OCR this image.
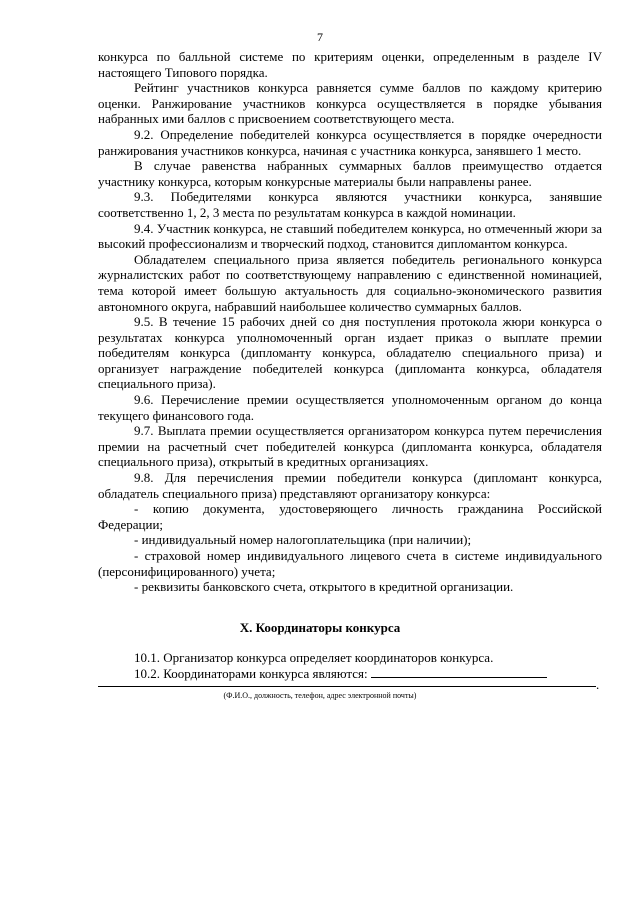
7

конкурса по балльной системе по критериям оценки, определенным в разделе IV настоящего Типового порядка.

Рейтинг участников конкурса равняется сумме баллов по каждому критерию оценки. Ранжирование участников конкурса осуществляется в порядке убывания набранных ими баллов с присвоением соответствующего места.

9.2. Определение победителей конкурса осуществляется в порядке очередности ранжирования участников конкурса, начиная с участника конкурса, занявшего 1 место.

В случае равенства набранных суммарных баллов преимущество отдается участнику конкурса, которым конкурсные материалы были направлены ранее.

9.3. Победителями конкурса являются участники конкурса, занявшие соответственно 1, 2, 3 места по результатам конкурса в каждой номинации.

9.4. Участник конкурса, не ставший победителем конкурса, но отмеченный жюри за высокий профессионализм и творческий подход, становится дипломантом конкурса.

Обладателем специального приза является победитель регионального конкурса журналистских работ по соответствующему направлению с единственной номинацией, тема которой имеет большую актуальность для социально-экономического развития автономного округа, набравший наибольшее количество суммарных баллов.

9.5. В течение 15 рабочих дней со дня поступления протокола жюри конкурса о результатах конкурса уполномоченный орган издает приказ о выплате премии победителям конкурса (дипломанту конкурса, обладателю специального приза) и организует награждение победителей конкурса (дипломанта конкурса, обладателя специального приза).

9.6. Перечисление премии осуществляется уполномоченным органом до конца текущего финансового года.

9.7. Выплата премии осуществляется организатором конкурса путем перечисления премии на расчетный счет победителей конкурса (дипломанта конкурса, обладателя специального приза), открытый в кредитных организациях.

9.8. Для перечисления премии победители конкурса (дипломант конкурса, обладатель специального приза) представляют организатору конкурса:

- копию документа, удостоверяющего личность гражданина Российской Федерации;

- индивидуальный номер налогоплательщика (при наличии);

- страховой номер индивидуального лицевого счета в системе индивидуального (персонифицированного) учета;

- реквизиты банковского счета, открытого в кредитной организации.

X. Координаторы конкурса

10.1. Организатор конкурса определяет координаторов конкурса.

10.2. Координаторами конкурса являются:

.
(Ф.И.О., должность, телефон, адрес электронной почты)
